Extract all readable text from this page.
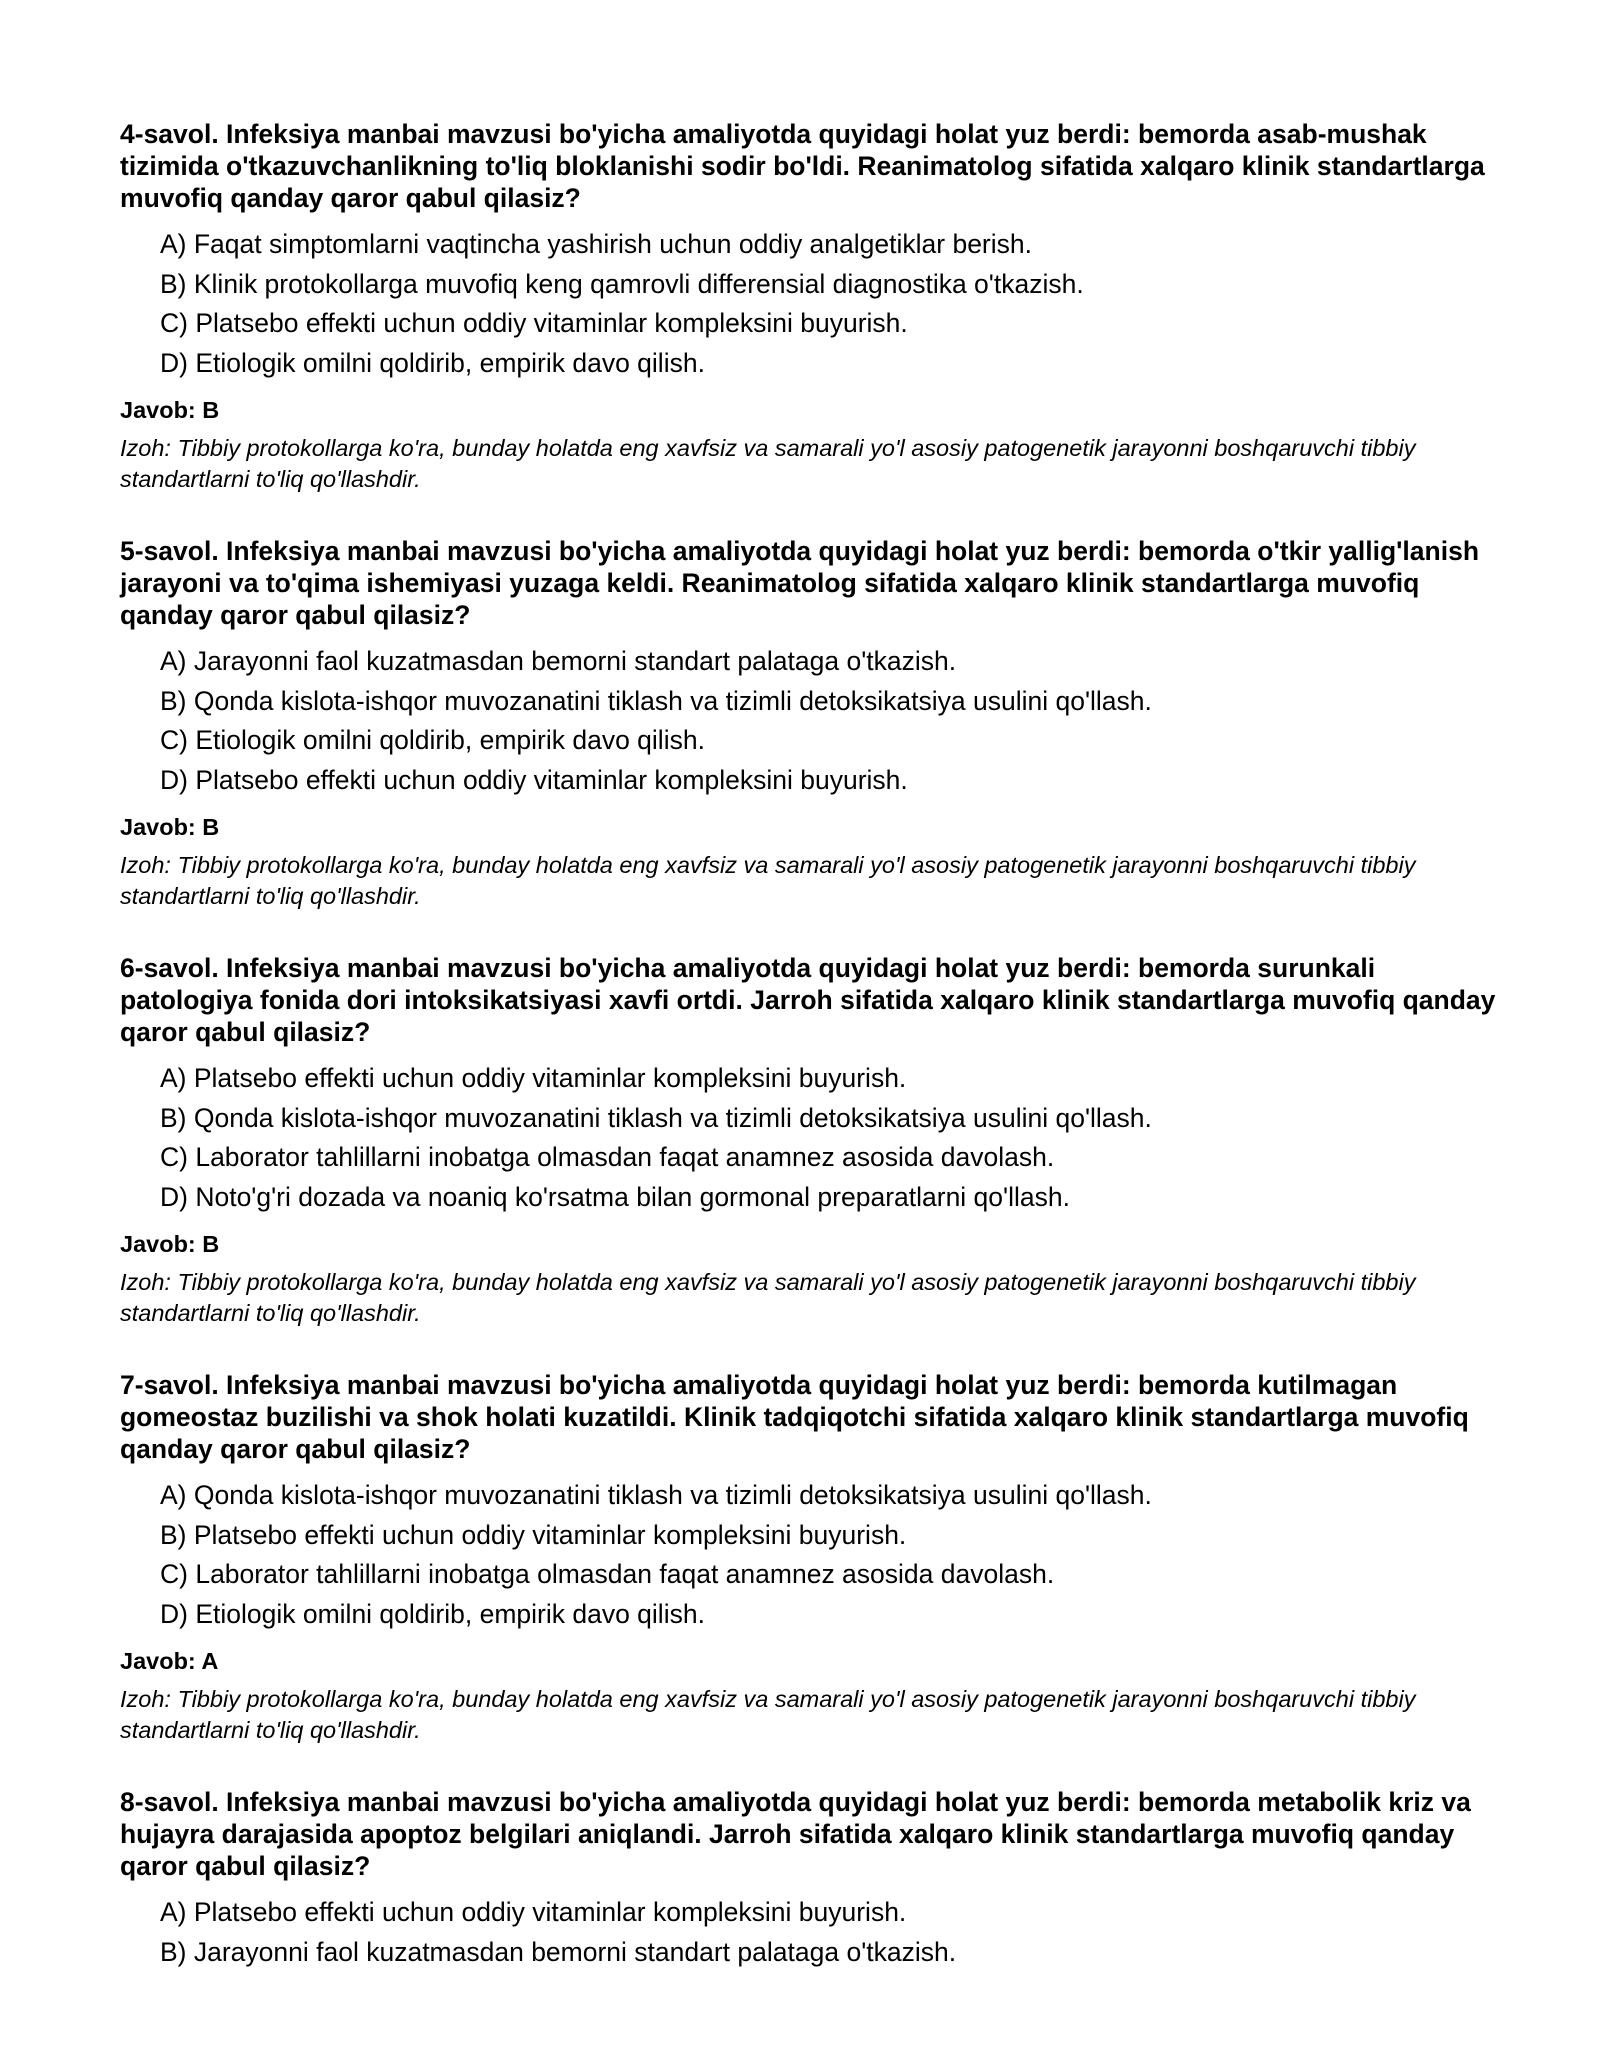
4-savol. Infeksiya manbai mavzusi bo'yicha amaliyotda quyidagi holat yuz berdi: bemorda asab-mushak tizimida o'tkazuvchanlikning to'liq bloklanishi sodir bo'ldi. Reanimatolog sifatida xalqaro klinik standartlarga muvofiq qanday qaror qabul qilasiz?

A) Faqat simptomlarni vaqtincha yashirish uchun oddiy analgetiklar berish.
B) Klinik protokollarga muvofiq keng qamrovli differensial diagnostika o'tkazish.
C) Platsebo effekti uchun oddiy vitaminlar kompleksini buyurish.
D) Etiologik omilni qoldirib, empirik davo qilish.

Javob: B

Izoh: Tibbiy protokollarga ko'ra, bunday holatda eng xavfsiz va samarali yo'l asosiy patogenetik jarayonni boshqaruvchi tibbiy standartlarni to'liq qo'llashdir.

5-savol. Infeksiya manbai mavzusi bo'yicha amaliyotda quyidagi holat yuz berdi: bemorda o'tkir yallig'lanish jarayoni va to'qima ishemiyasi yuzaga keldi. Reanimatolog sifatida xalqaro klinik standartlarga muvofiq qanday qaror qabul qilasiz?

A) Jarayonni faol kuzatmasdan bemorni standart palataga o'tkazish.
B) Qonda kislota-ishqor muvozanatini tiklash va tizimli detoksikatsiya usulini qo'llash.
C) Etiologik omilni qoldirib, empirik davo qilish.
D) Platsebo effekti uchun oddiy vitaminlar kompleksini buyurish.

Javob: B

Izoh: Tibbiy protokollarga ko'ra, bunday holatda eng xavfsiz va samarali yo'l asosiy patogenetik jarayonni boshqaruvchi tibbiy standartlarni to'liq qo'llashdir.

6-savol. Infeksiya manbai mavzusi bo'yicha amaliyotda quyidagi holat yuz berdi: bemorda surunkali patologiya fonida dori intoksikatsiyasi xavfi ortdi. Jarroh sifatida xalqaro klinik standartlarga muvofiq qanday qaror qabul qilasiz?

A) Platsebo effekti uchun oddiy vitaminlar kompleksini buyurish.
B) Qonda kislota-ishqor muvozanatini tiklash va tizimli detoksikatsiya usulini qo'llash.
C) Laborator tahlillarni inobatga olmasdan faqat anamnez asosida davolash.
D) Noto'g'ri dozada va noaniq ko'rsatma bilan gormonal preparatlarni qo'llash.

Javob: B

Izoh: Tibbiy protokollarga ko'ra, bunday holatda eng xavfsiz va samarali yo'l asosiy patogenetik jarayonni boshqaruvchi tibbiy standartlarni to'liq qo'llashdir.

7-savol. Infeksiya manbai mavzusi bo'yicha amaliyotda quyidagi holat yuz berdi: bemorda kutilmagan gomeostaz buzilishi va shok holati kuzatildi. Klinik tadqiqotchi sifatida xalqaro klinik standartlarga muvofiq qanday qaror qabul qilasiz?

A) Qonda kislota-ishqor muvozanatini tiklash va tizimli detoksikatsiya usulini qo'llash.
B) Platsebo effekti uchun oddiy vitaminlar kompleksini buyurish.
C) Laborator tahlillarni inobatga olmasdan faqat anamnez asosida davolash.
D) Etiologik omilni qoldirib, empirik davo qilish.

Javob: A

Izoh: Tibbiy protokollarga ko'ra, bunday holatda eng xavfsiz va samarali yo'l asosiy patogenetik jarayonni boshqaruvchi tibbiy standartlarni to'liq qo'llashdir.

8-savol. Infeksiya manbai mavzusi bo'yicha amaliyotda quyidagi holat yuz berdi: bemorda metabolik kriz va hujayra darajasida apoptoz belgilari aniqlandi. Jarroh sifatida xalqaro klinik standartlarga muvofiq qanday qaror qabul qilasiz?

A) Platsebo effekti uchun oddiy vitaminlar kompleksini buyurish.
B) Jarayonni faol kuzatmasdan bemorni standart palataga o'tkazish.
